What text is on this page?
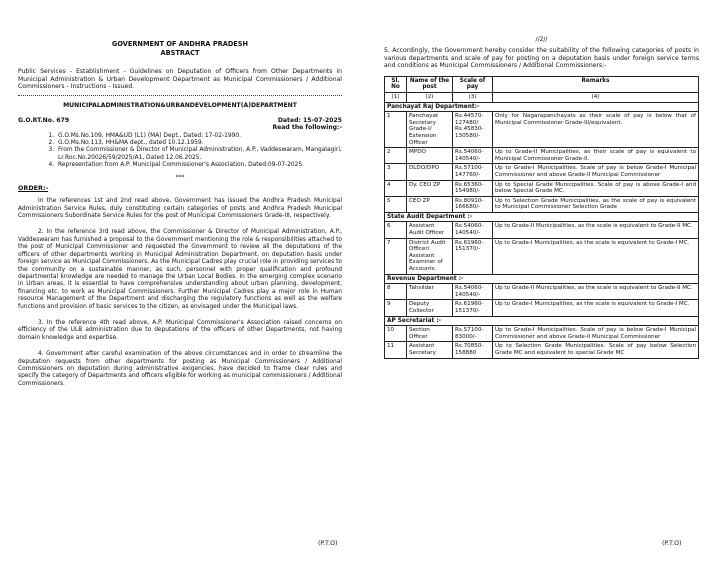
GOVERNMENT OF ANDHRA PRADESH
ABSTRACT
Public Services - Establishment - Guidelines on Deputation of Officers from Other Departments in Municipal Administration & Urban Development Department as Municipal Commissioners / Additional Commissioners - Instructions - Issued.
MUNICIPALADMINISTRATION&URBANDEVELOPMENT(A)DEPARTMENT
G.O.RT.No. 679	Dated: 15-07-2025
Read the following:-
1. G.O.Ms.No.109, HMA&UD (L1) (MA) Dept., Dated: 17-02-1990.
2. G.O.Ms.No.113, HH&MA dept., dated 10.12.1959.
3. From the Commissioner & Director of Municipal Administration, A.P., Vaddeswaram, Mangalagiri, Lr.Roc.No.20026/59/2025/A1, Dated 12.06.2025.
4. Representation from A.P. Municipal Commissioner's Association, Dated:09-07-2025.
***
ORDER:-

In the references 1st and 2nd read above, Government has issued the Andhra Pradesh Municipal Administration Service Rules, duly constituting certain categories of posts and Andhra Pradesh Municipal Commissioners Subordinate Service Rules for the post of Municipal Commissioners Grade-III, respectively.

2. In the reference 3rd read above, the Commissioner & Director of Municipal Administration, A.P., Vaddeswaram has furnished a proposal to the Government mentioning the role & responsibilities attached to the post of Municipal Commissioner and requested the Government to review all the deputations of the officers of other departments working in Municipal Administration Department, on deputation basis under foreign service as Municipal Commissioners. As the Municipal Cadres play crucial role in providing services to the community on a sustainable manner, as such, personnel with proper qualification and profound departmental knowledge are needed to manage the Urban Local Bodies. In the emerging complex scenario in Urban areas, it is essential to have comprehensive understanding about urban planning, development, financing etc. to work as Municipal Commissioners. Further Municipal Cadres play a major role in Human resource Management of the Department and discharging the regulatory functions as well as the welfare functions and provision of basic services to the citizen, as envisaged under the Municipal laws.

3. In the reference 4th read above, A.P. Municipal Commissioner's Association raised concerns on efficiency of the ULB administration due to deputations of the officers of other Departments, not having domain knowledge and expertise.

4. Government after careful examination of the above circumstances and in order to streamline the deputation requests from other departments for posting as Municipal Commissioners / Additional Commissioners on deputation during administrative exigencies, have decided to frame clear rules and specify the category of Departments and officers eligible for working as municipal commissioners / Additional Commissioners.

(P.T.O)
//2//
5. Accordingly, the Government hereby consider the suitability of the following categories of posts in various departments and scale of pay for posting on a deputation basis under foreign service terms and conditions as Municipal Commissioners / Additional Commissioners:-
Sl. No	Name of the post	Scale of pay	Remarks
(1)	(2)	(3)	(4)
Panchayat Raj Department:-			
1	Panchayat Secretary Grade-I/ Extension Officer	Rs.44570-127480/ Rs.45830-130580/-	Only for Nagarapanchayats as their scale of pay is below that of Municipal Commissioner Grade-III/equivalent.
2	MPDO	Rs.54060-140540/-	Up to Grade-II Municipalities, as their scale of pay is equivalent to Municipal Commissioner Grade-II.
3	DLDO/DPO	Rs.57100-147760/-	Up to Grade-I Municipalities. Scale of pay is below Grade-I Municipal Commissioner and above Grade-II Municipal Commissioner
4	Dy. CEO ZP	Rs.65360-154980/-	Up to Special Grade Municipalities. Scale of pay is above Grade-I and below Special Grade MC.
5	CEO ZP	Rs.80910-166680/-	Up to Selection Grade Municipalities, as the scale of pay is equivalent to Municipal Commissioner Selection Grade
State Audit Department :-			
6	Assistant Audit Officer	Rs.54060-140540/-	Up to Grade-II Municipalities, as the scale is equivalent to Grade-II MC.
7	District Audit Officer/ Assistant Examiner of Accounts.	Rs.61960-151370/-	Up to Grade-I Municipalities, as the scale is equivalent to Grade-I MC.
Revenue Department :-			
8	Tahsildar	Rs.54060-140540/-	Up to Grade-II Municipalities, as the scale is equivalent to Grade-II MC.
9	Deputy Collector	Rs.61960-151370/-	Up to Grade-I Municipalities, as the scale is equivalent to Grade-I MC.
AP Secretariat :-			
10	Section Officer	Rs.57100-83000/-	Up to Grade-I Municipalities. Scale of pay is below Grade-I Municipal Commissioner and above Grade-II Municipal Commissioner
11	Assistant Secretary	Rs.70850-158880	Up to Selection Grade Municipalities. Scale of pay below Selection Grade MC and equivalent to special Grade MC
(P.T.O)
